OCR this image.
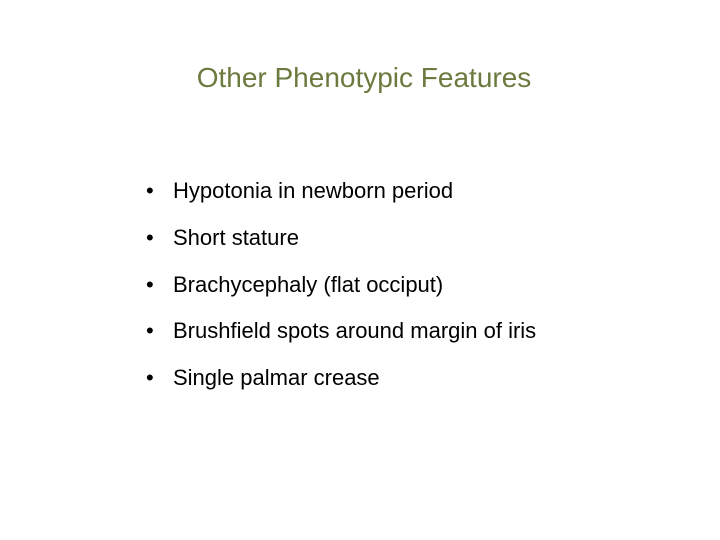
Other Phenotypic Features
• Hypotonia in newborn period
• Short stature
• Brachycephaly (flat occiput)
• Brushfield spots around margin of iris
• Single palmar crease
